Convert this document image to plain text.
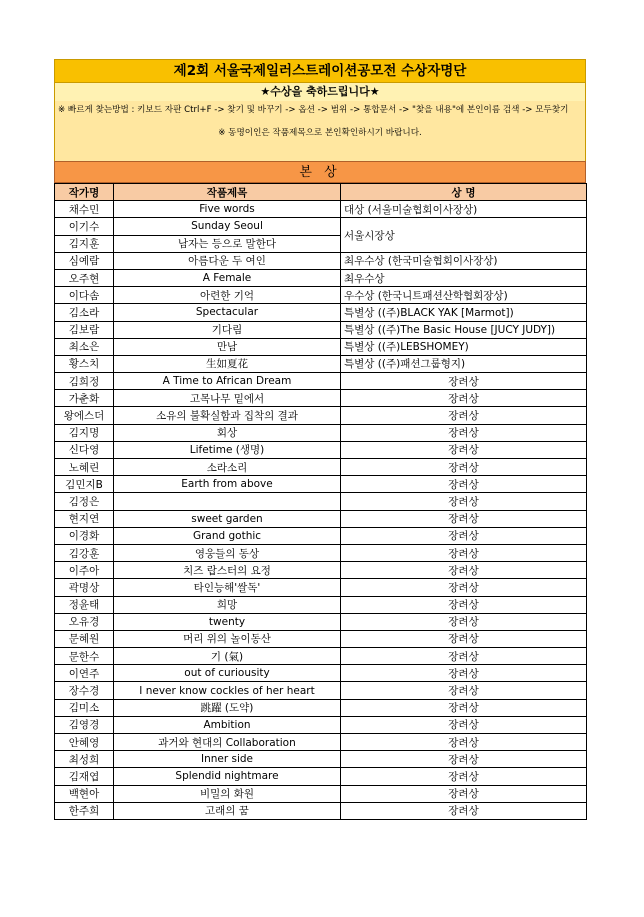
제2회 서울국제일러스트레이션공모전 수상자명단
★수상을 축하드립니다★
※ 빠르게 찾는방법 : 키보드 자판 Ctrl+F -> 찾기 및 바꾸기 -> 옵션 -> 범위 -> 통합문서 -> "찾을 내용"에 본인이름 검색 -> 모두찾기
※ 동명이인은 작품제목으로 본인확인하시기 바랍니다.
본 상
작가명	작품제목	상 명
채수민	Five words	대상 (서울미술협회이사장상)
이기수	Sunday Seoul	서울시장상
김지훈	남자는 등으로 말한다	
심예람	아름다운 두 여인	최우수상 (한국미술협회이사장상)
오주현	A Female	최우수상
이다솜	아련한 기억	우수상 (한국니트패션산학협회장상)
김소라	Spectacular	특별상 ((주)BLACK YAK [Marmot])
김보람	기다림	특별상 ((주)The Basic House [JUCY JUDY])
최소은	만남	특별상 ((주)LEBSHOMEY)
황스치	生如夏花	특별상 ((주)패션그룹형지)
김희정	A Time to African Dream	장려상
가춘화	고목나무 밑에서	장려상
왕에스더	소유의 불확실함과 집착의 결과	장려상
김지명	회상	장려상
신다영	Lifetime (생명)	장려상
노혜린	소라소리	장려상
김민지B	Earth from above	장려상
김정은		장려상
현지연	sweet garden	장려상
이경화	Grand gothic	장려상
김강훈	영웅들의 동상	장려상
이주아	치즈 랍스터의 요정	장려상
곽명상	타인능해'쌀독'	장려상
정윤태	희망	장려상
오유경	twenty	장려상
문혜원	머리 위의 놀이동산	장려상
문한수	기 (氣)	장려상
이연주	out of curiousity	장려상
장수경	I never know cockles of her heart	장려상
김미소	跳躍 (도약)	장려상
김영경	Ambition	장려상
안혜영	과거와 현대의 Collaboration	장려상
최성희	Inner side	장려상
김재엽	Splendid nightmare	장려상
백현아	비밀의 화원	장려상
한주희	고래의 꿈	장려상
